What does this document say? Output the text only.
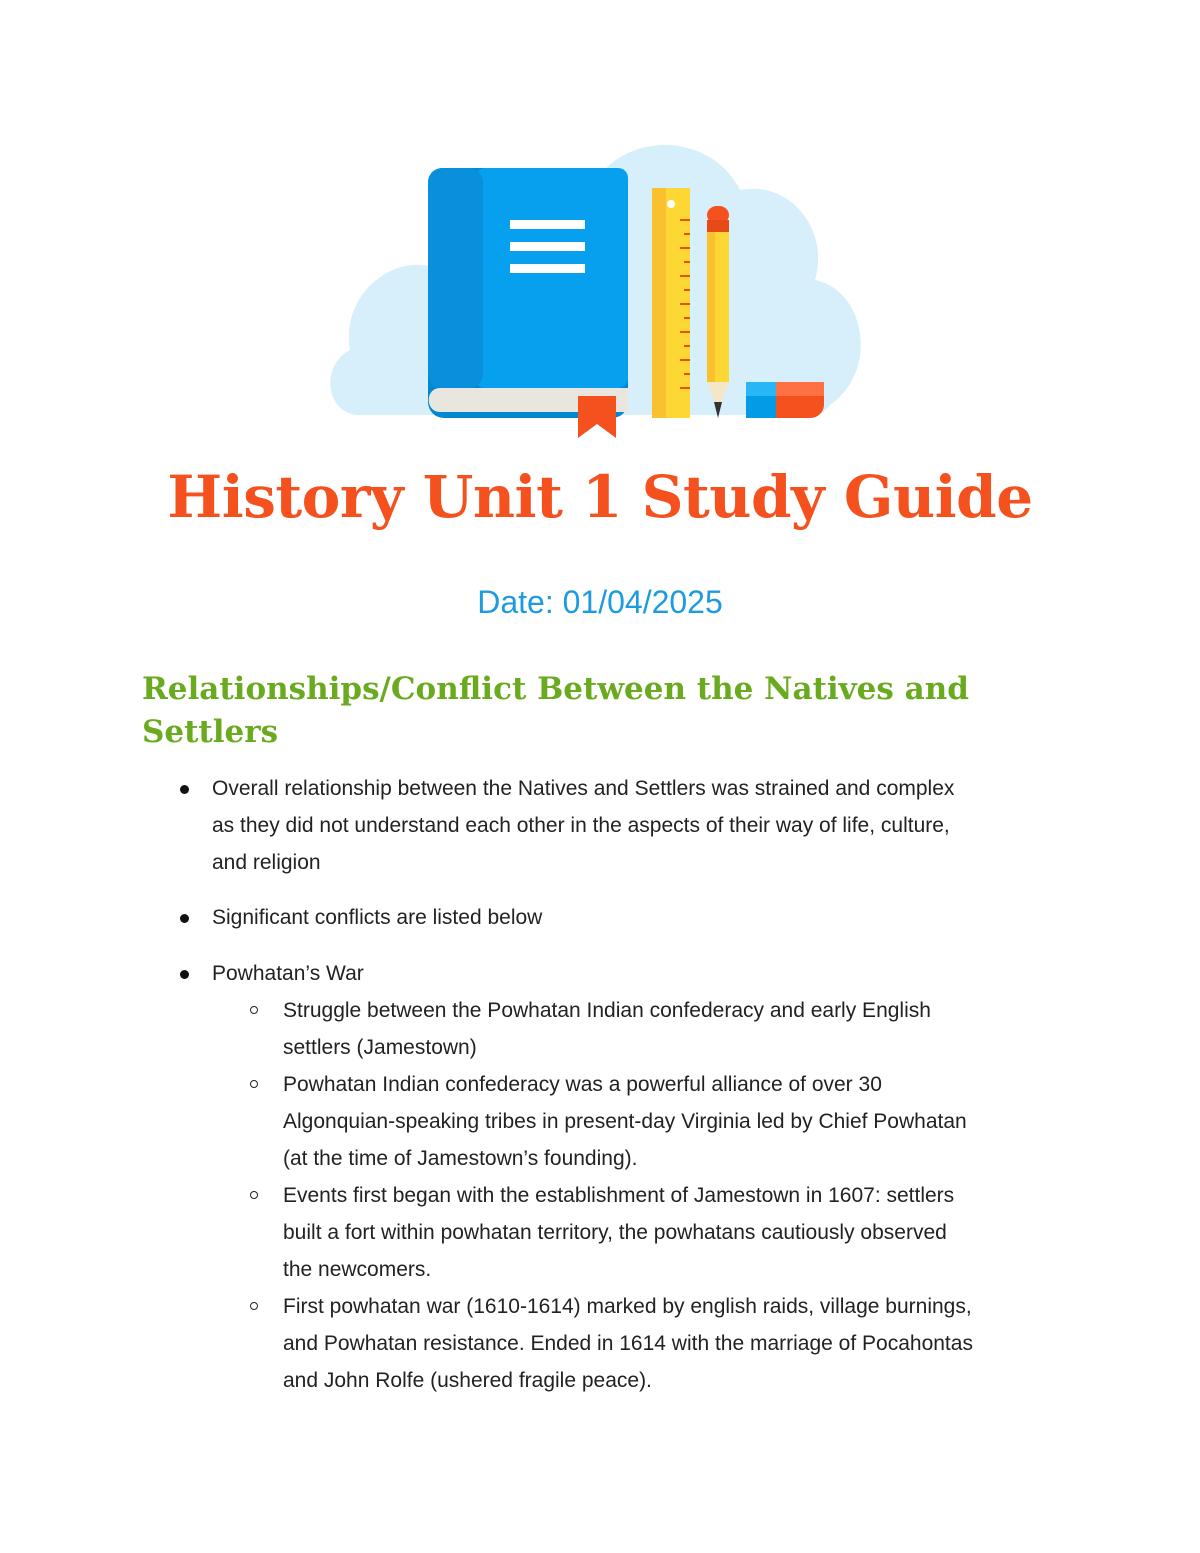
History Unit 1 Study Guide
Date: 01/04/2025
Relationships/Conflict Between the Natives and
Settlers
Overall relationship between the Natives and Settlers was strained and complex
as they did not understand each other in the aspects of their way of life, culture,
and religion
Significant conflicts are listed below
Powhatan’s War
Struggle between the Powhatan Indian confederacy and early English
settlers (Jamestown)
Powhatan Indian confederacy was a powerful alliance of over 30
Algonquian-speaking tribes in present-day Virginia led by Chief Powhatan
(at the time of Jamestown’s founding).
Events first began with the establishment of Jamestown in 1607: settlers
built a fort within powhatan territory, the powhatans cautiously observed
the newcomers.
First powhatan war (1610-1614) marked by english raids, village burnings,
and Powhatan resistance. Ended in 1614 with the marriage of Pocahontas
and John Rolfe (ushered fragile peace).
